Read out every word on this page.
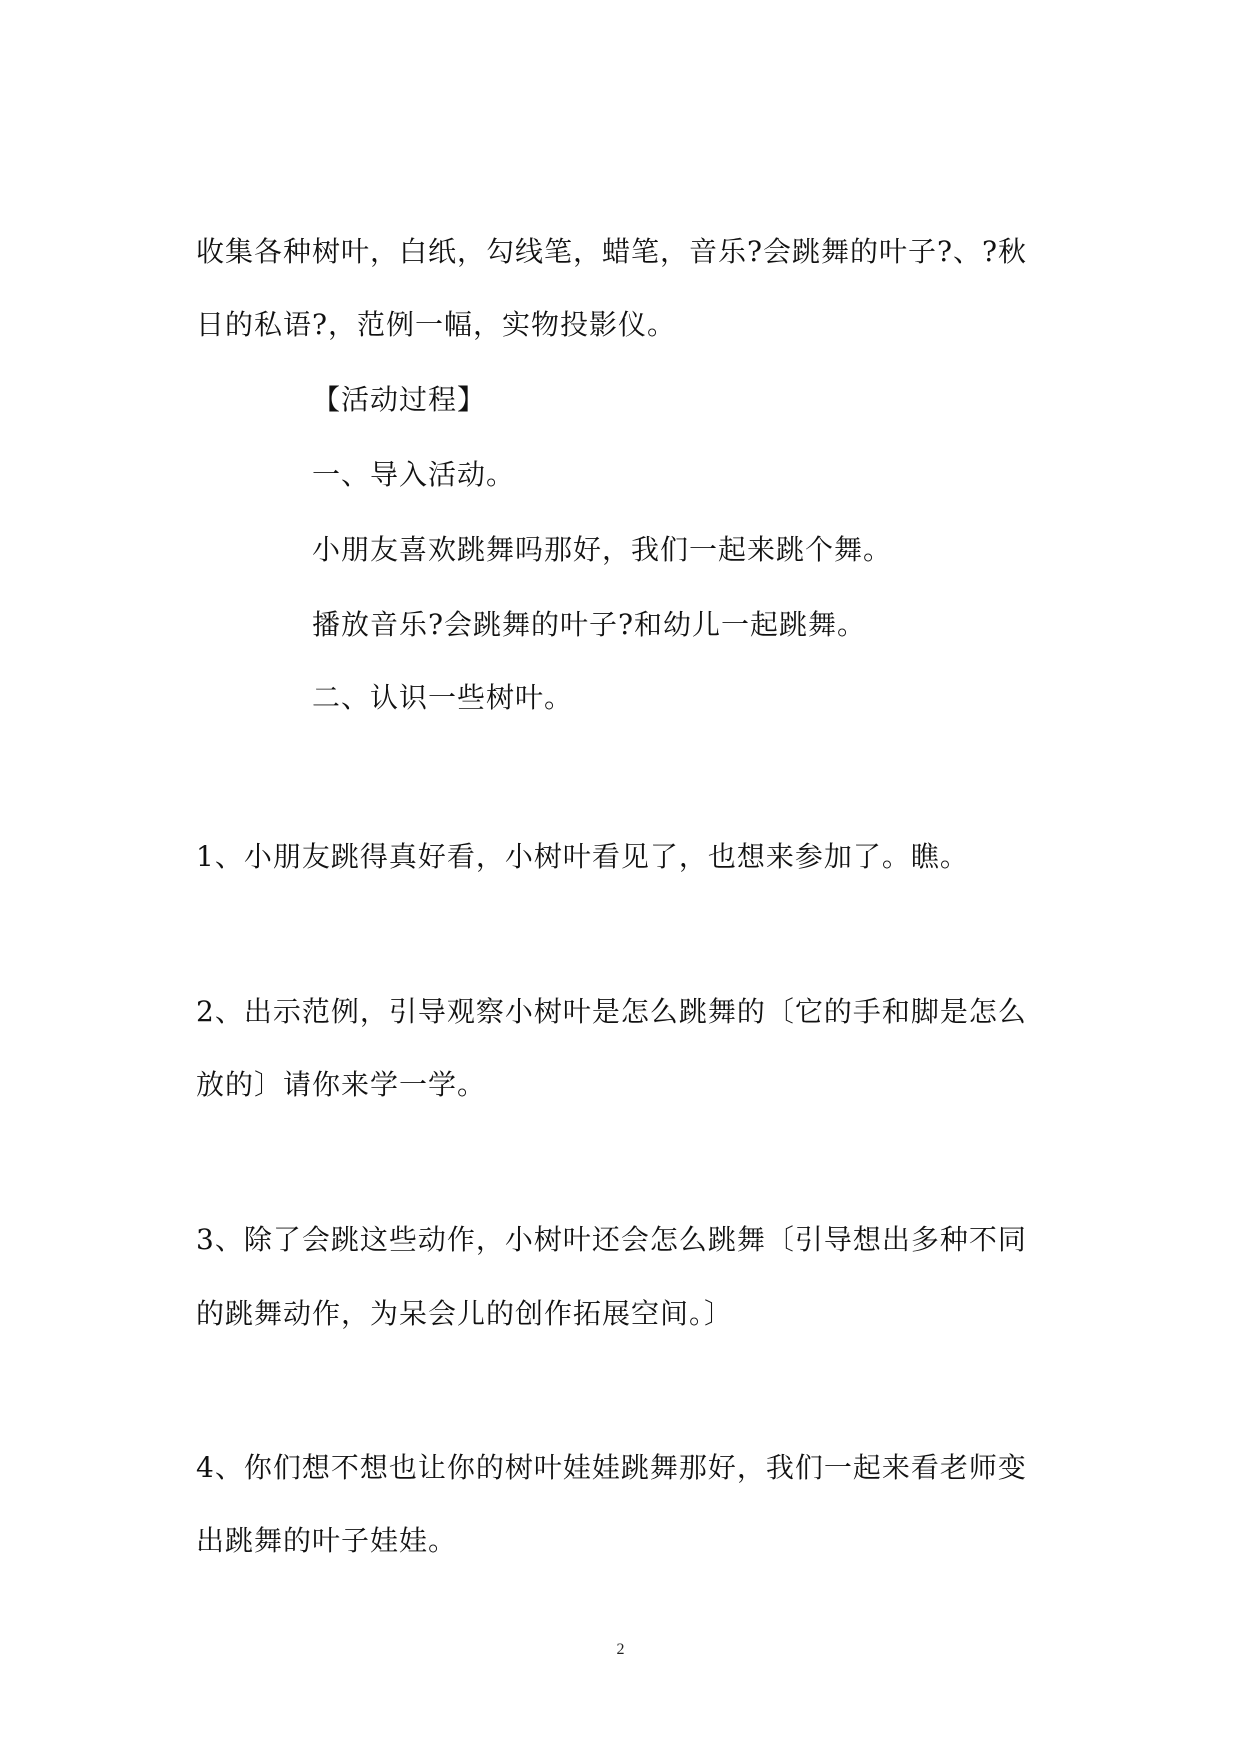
收集各种树叶，白纸，勾线笔，蜡笔，音乐?会跳舞的叶子?、?秋
日的私语?，范例一幅，实物投影仪。
【活动过程】
一、导入活动。
小朋友喜欢跳舞吗那好，我们一起来跳个舞。
播放音乐?会跳舞的叶子?和幼儿一起跳舞。
二、认识一些树叶。
1、小朋友跳得真好看，小树叶看见了，也想来参加了。瞧。
2、出示范例，引导观察小树叶是怎么跳舞的〔它的手和脚是怎么
放的〕请你来学一学。
3、除了会跳这些动作，小树叶还会怎么跳舞〔引导想出多种不同
的跳舞动作，为呆会儿的创作拓展空间。〕
4、你们想不想也让你的树叶娃娃跳舞那好，我们一起来看老师变
出跳舞的叶子娃娃。
2
